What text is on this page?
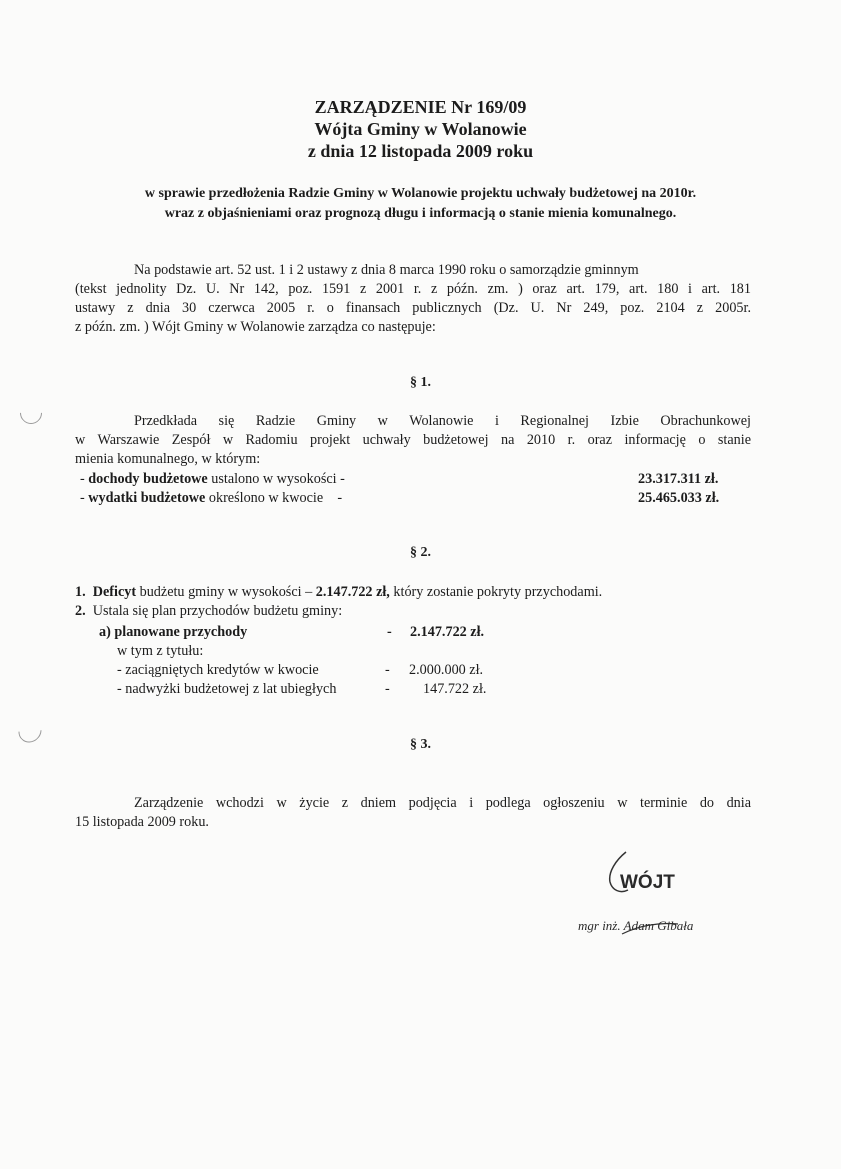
ZARZĄDZENIE Nr 169/09
Wójta Gminy w Wolanowie
z dnia 12 listopada 2009 roku
w sprawie przedłożenia Radzie Gminy w Wolanowie projektu uchwały budżetowej na 2010r.
wraz z objaśnieniami oraz prognozą długu i informacją o stanie mienia komunalnego.
Na podstawie art. 52 ust. 1 i 2 ustawy z dnia 8 marca 1990 roku o samorządzie gminnym
(tekst jednolity Dz. U. Nr 142, poz. 1591 z 2001 r. z późn. zm. ) oraz art. 179, art. 180 i art. 181
ustawy z dnia 30 czerwca 2005 r. o finansach publicznych (Dz. U. Nr 249, poz. 2104 z 2005r.
z późn. zm. ) Wójt Gminy w Wolanowie zarządza co następuje:
§ 1.
Przedkłada się Radzie Gminy w Wolanowie i Regionalnej Izbie Obrachunkowej
w Warszawie Zespół w Radomiu projekt uchwały budżetowej na 2010 r. oraz informację o stanie
mienia komunalnego, w którym:
- dochody budżetowe ustalono w wysokości -	23.317.311 zł.
- wydatki budżetowe określono w kwocie    -	25.465.033 zł.
§ 2.
1. Deficyt budżetu gminy w wysokości – 2.147.722 zł, który zostanie pokryty przychodami.
2. Ustala się plan przychodów budżetu gminy:
a) planowane przychody	- 2.147.722 zł.
w tym z tytułu:
- zaciągniętych kredytów w kwocie	- 2.000.000 zł.
- nadwyżki budżetowej z lat ubiegłych	- 147.722 zł.
§ 3.
Zarządzenie wchodzi w życie z dniem podjęcia i podlega ogłoszeniu w terminie do dnia
15 listopada 2009 roku.
WÓJT
mgr inż. Adam Gibała
